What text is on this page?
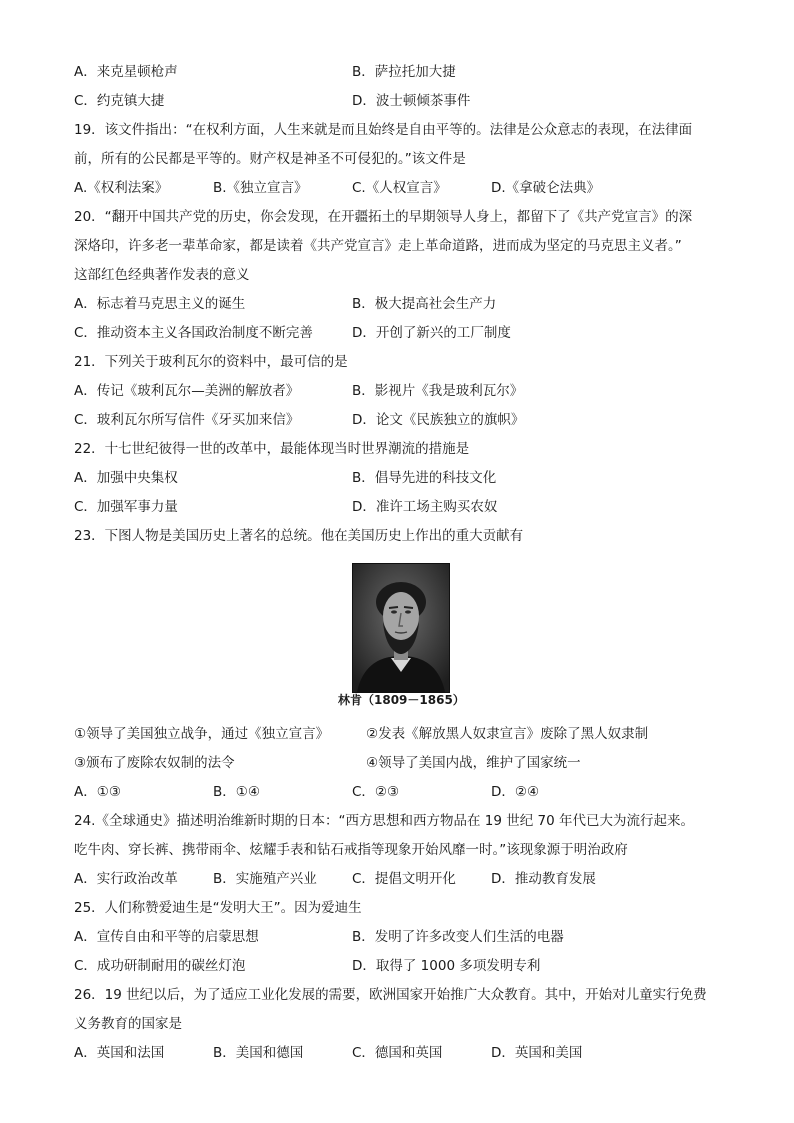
A．来克星顿枪声	B．萨拉托加大捷
C．约克镇大捷	D．波士顿倾茶事件
19．该文件指出：“在权利方面，人生来就是而且始终是自由平等的。法律是公众意志的表现，在法律面
前，所有的公民都是平等的。财产权是神圣不可侵犯的。”该文件是
A.《权利法案》	B.《独立宣言》	C.《人权宣言》	D.《拿破仑法典》
20．“翻开中国共产党的历史，你会发现，在开疆拓土的早期领导人身上，都留下了《共产党宣言》的深
深烙印，许多老一辈革命家，都是读着《共产党宣言》走上革命道路，进而成为坚定的马克思主义者。”
这部红色经典著作发表的意义
A．标志着马克思主义的诞生	B．极大提高社会生产力
C．推动资本主义各国政治制度不断完善	D．开创了新兴的工厂制度
21．下列关于玻利瓦尔的资料中，最可信的是
A．传记《玻利瓦尔—美洲的解放者》	B．影视片《我是玻利瓦尔》
C．玻利瓦尔所写信件《牙买加来信》	D．论文《民族独立的旗帜》
22．十七世纪彼得一世的改革中，最能体现当时世界潮流的措施是
A．加强中央集权	B．倡导先进的科技文化
C．加强军事力量	D．准许工场主购买农奴
23．下图人物是美国历史上著名的总统。他在美国历史上作出的重大贡献有
林肯（1809－1865）
①领导了美国独立战争，通过《独立宣言》	②发表《解放黑人奴隶宣言》废除了黑人奴隶制
③颁布了废除农奴制的法令	④领导了美国内战，维护了国家统一
A．①③	B．①④	C．②③	D．②④
24.《全球通史》描述明治维新时期的日本：“西方思想和西方物品在 19 世纪 70 年代已大为流行起来。
吃牛肉、穿长裤、携带雨伞、炫耀手表和钻石戒指等现象开始风靡一时。”该现象源于明治政府
A．实行政治改革	B．实施殖产兴业	C．提倡文明开化	D．推动教育发展
25．人们称赞爱迪生是“发明大王”。因为爱迪生
A．宣传自由和平等的启蒙思想	B．发明了许多改变人们生活的电器
C．成功研制耐用的碳丝灯泡	D．取得了 1000 多项发明专利
26．19 世纪以后，为了适应工业化发展的需要，欧洲国家开始推广大众教育。其中，开始对儿童实行免费
义务教育的国家是
A．英国和法国	B．美国和德国	C．德国和英国	D．英国和美国
